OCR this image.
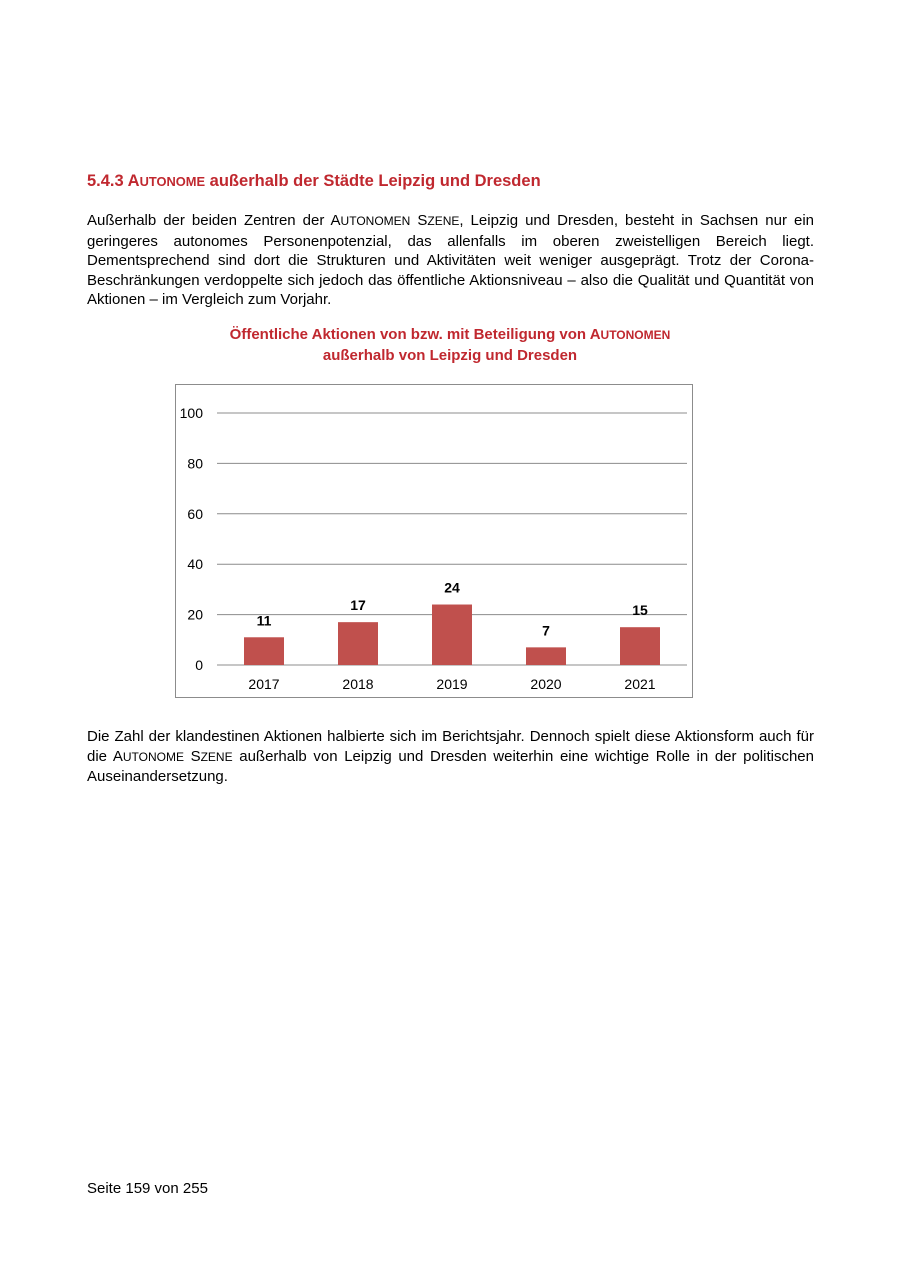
5.4.3 AUTONOME außerhalb der Städte Leipzig und Dresden

Außerhalb der beiden Zentren der AUTONOMEN SZENE, Leipzig und Dresden, besteht in Sachsen nur ein geringeres autonomes Personenpotenzial, das allenfalls im oberen zweistelligen Bereich liegt. Dementsprechend sind dort die Strukturen und Aktivitäten weit weniger ausgeprägt. Trotz der Corona-Beschränkungen verdoppelte sich jedoch das öffentliche Aktionsniveau – also die Qualität und Quantität von Aktionen – im Vergleich zum Vorjahr.

Öffentliche Aktionen von bzw. mit Beteiligung von AUTONOMEN
außerhalb von Leipzig und Dresden
0
20
40
60
80
100
11
2017
17
2018
24
2019
7
2020
15
2021

Die Zahl der klandestinen Aktionen halbierte sich im Berichtsjahr. Dennoch spielt diese Aktionsform auch für die AUTONOME SZENE außerhalb von Leipzig und Dresden weiterhin eine wichtige Rolle in der politischen Auseinandersetzung.

Seite 159 von 255
